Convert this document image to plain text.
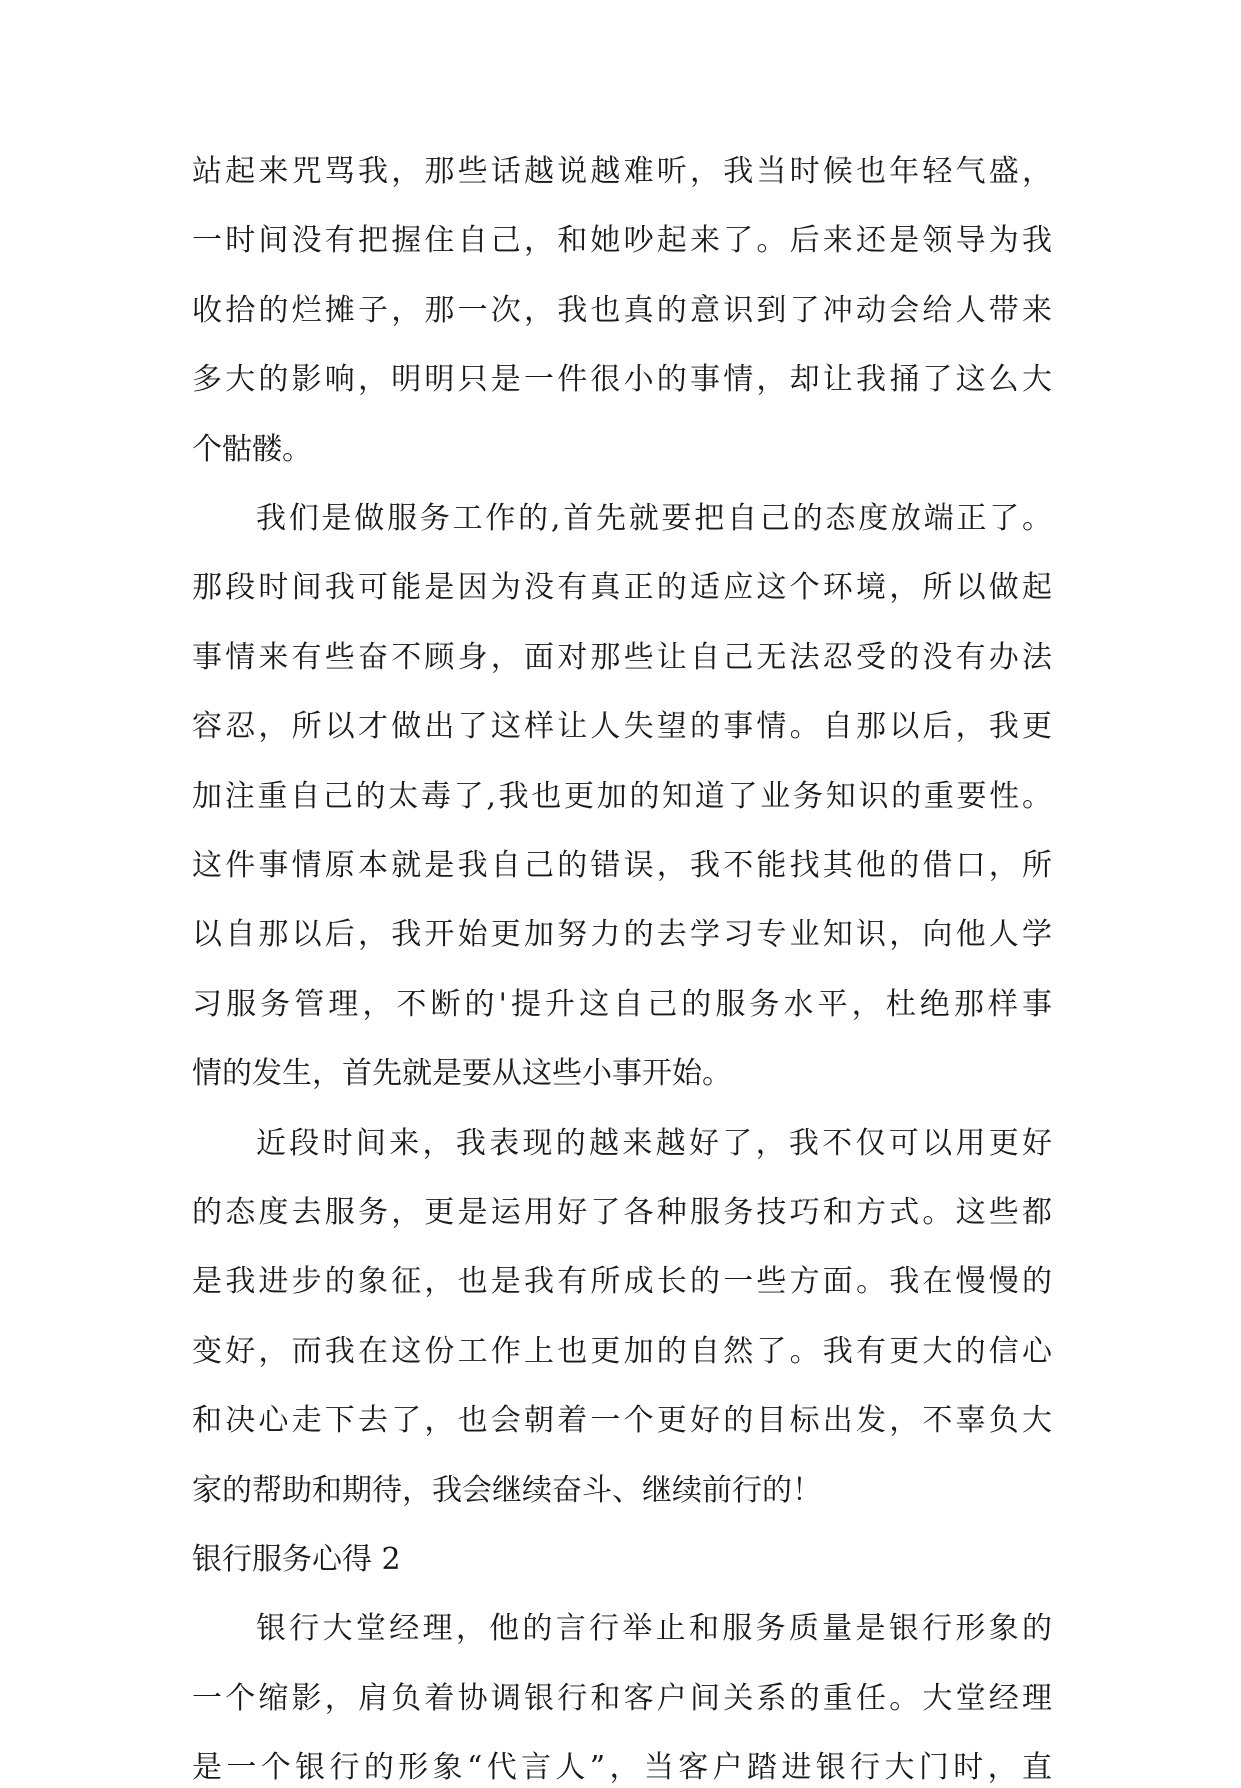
站起来咒骂我，那些话越说越难听，我当时候也年轻气盛，

一时间没有把握住自己，和她吵起来了。后来还是领导为我

收拾的烂摊子，那一次，我也真的意识到了冲动会给人带来

多大的影响，明明只是一件很小的事情，却让我捅了这么大

个骷髅。

我们是做服务工作的,首先就要把自己的态度放端正了。

那段时间我可能是因为没有真正的适应这个环境，所以做起

事情来有些奋不顾身，面对那些让自己无法忍受的没有办法

容忍，所以才做出了这样让人失望的事情。自那以后，我更

加注重自己的太毒了,我也更加的知道了业务知识的重要性。

这件事情原本就是我自己的错误，我不能找其他的借口，所

以自那以后，我开始更加努力的去学习专业知识，向他人学

习服务管理，不断的'提升这自己的服务水平，杜绝那样事

情的发生，首先就是要从这些小事开始。

近段时间来，我表现的越来越好了，我不仅可以用更好

的态度去服务，更是运用好了各种服务技巧和方式。这些都

是我进步的象征，也是我有所成长的一些方面。我在慢慢的

变好，而我在这份工作上也更加的自然了。我有更大的信心

和决心走下去了，也会朝着一个更好的目标出发，不辜负大

家的帮助和期待，我会继续奋斗、继续前行的！

银行服务心得 2

银行大堂经理，他的言行举止和服务质量是银行形象的

一个缩影，肩负着协调银行和客户间关系的重任。大堂经理

是一个银行的形象“代言人”，当客户踏进银行大门时，直
